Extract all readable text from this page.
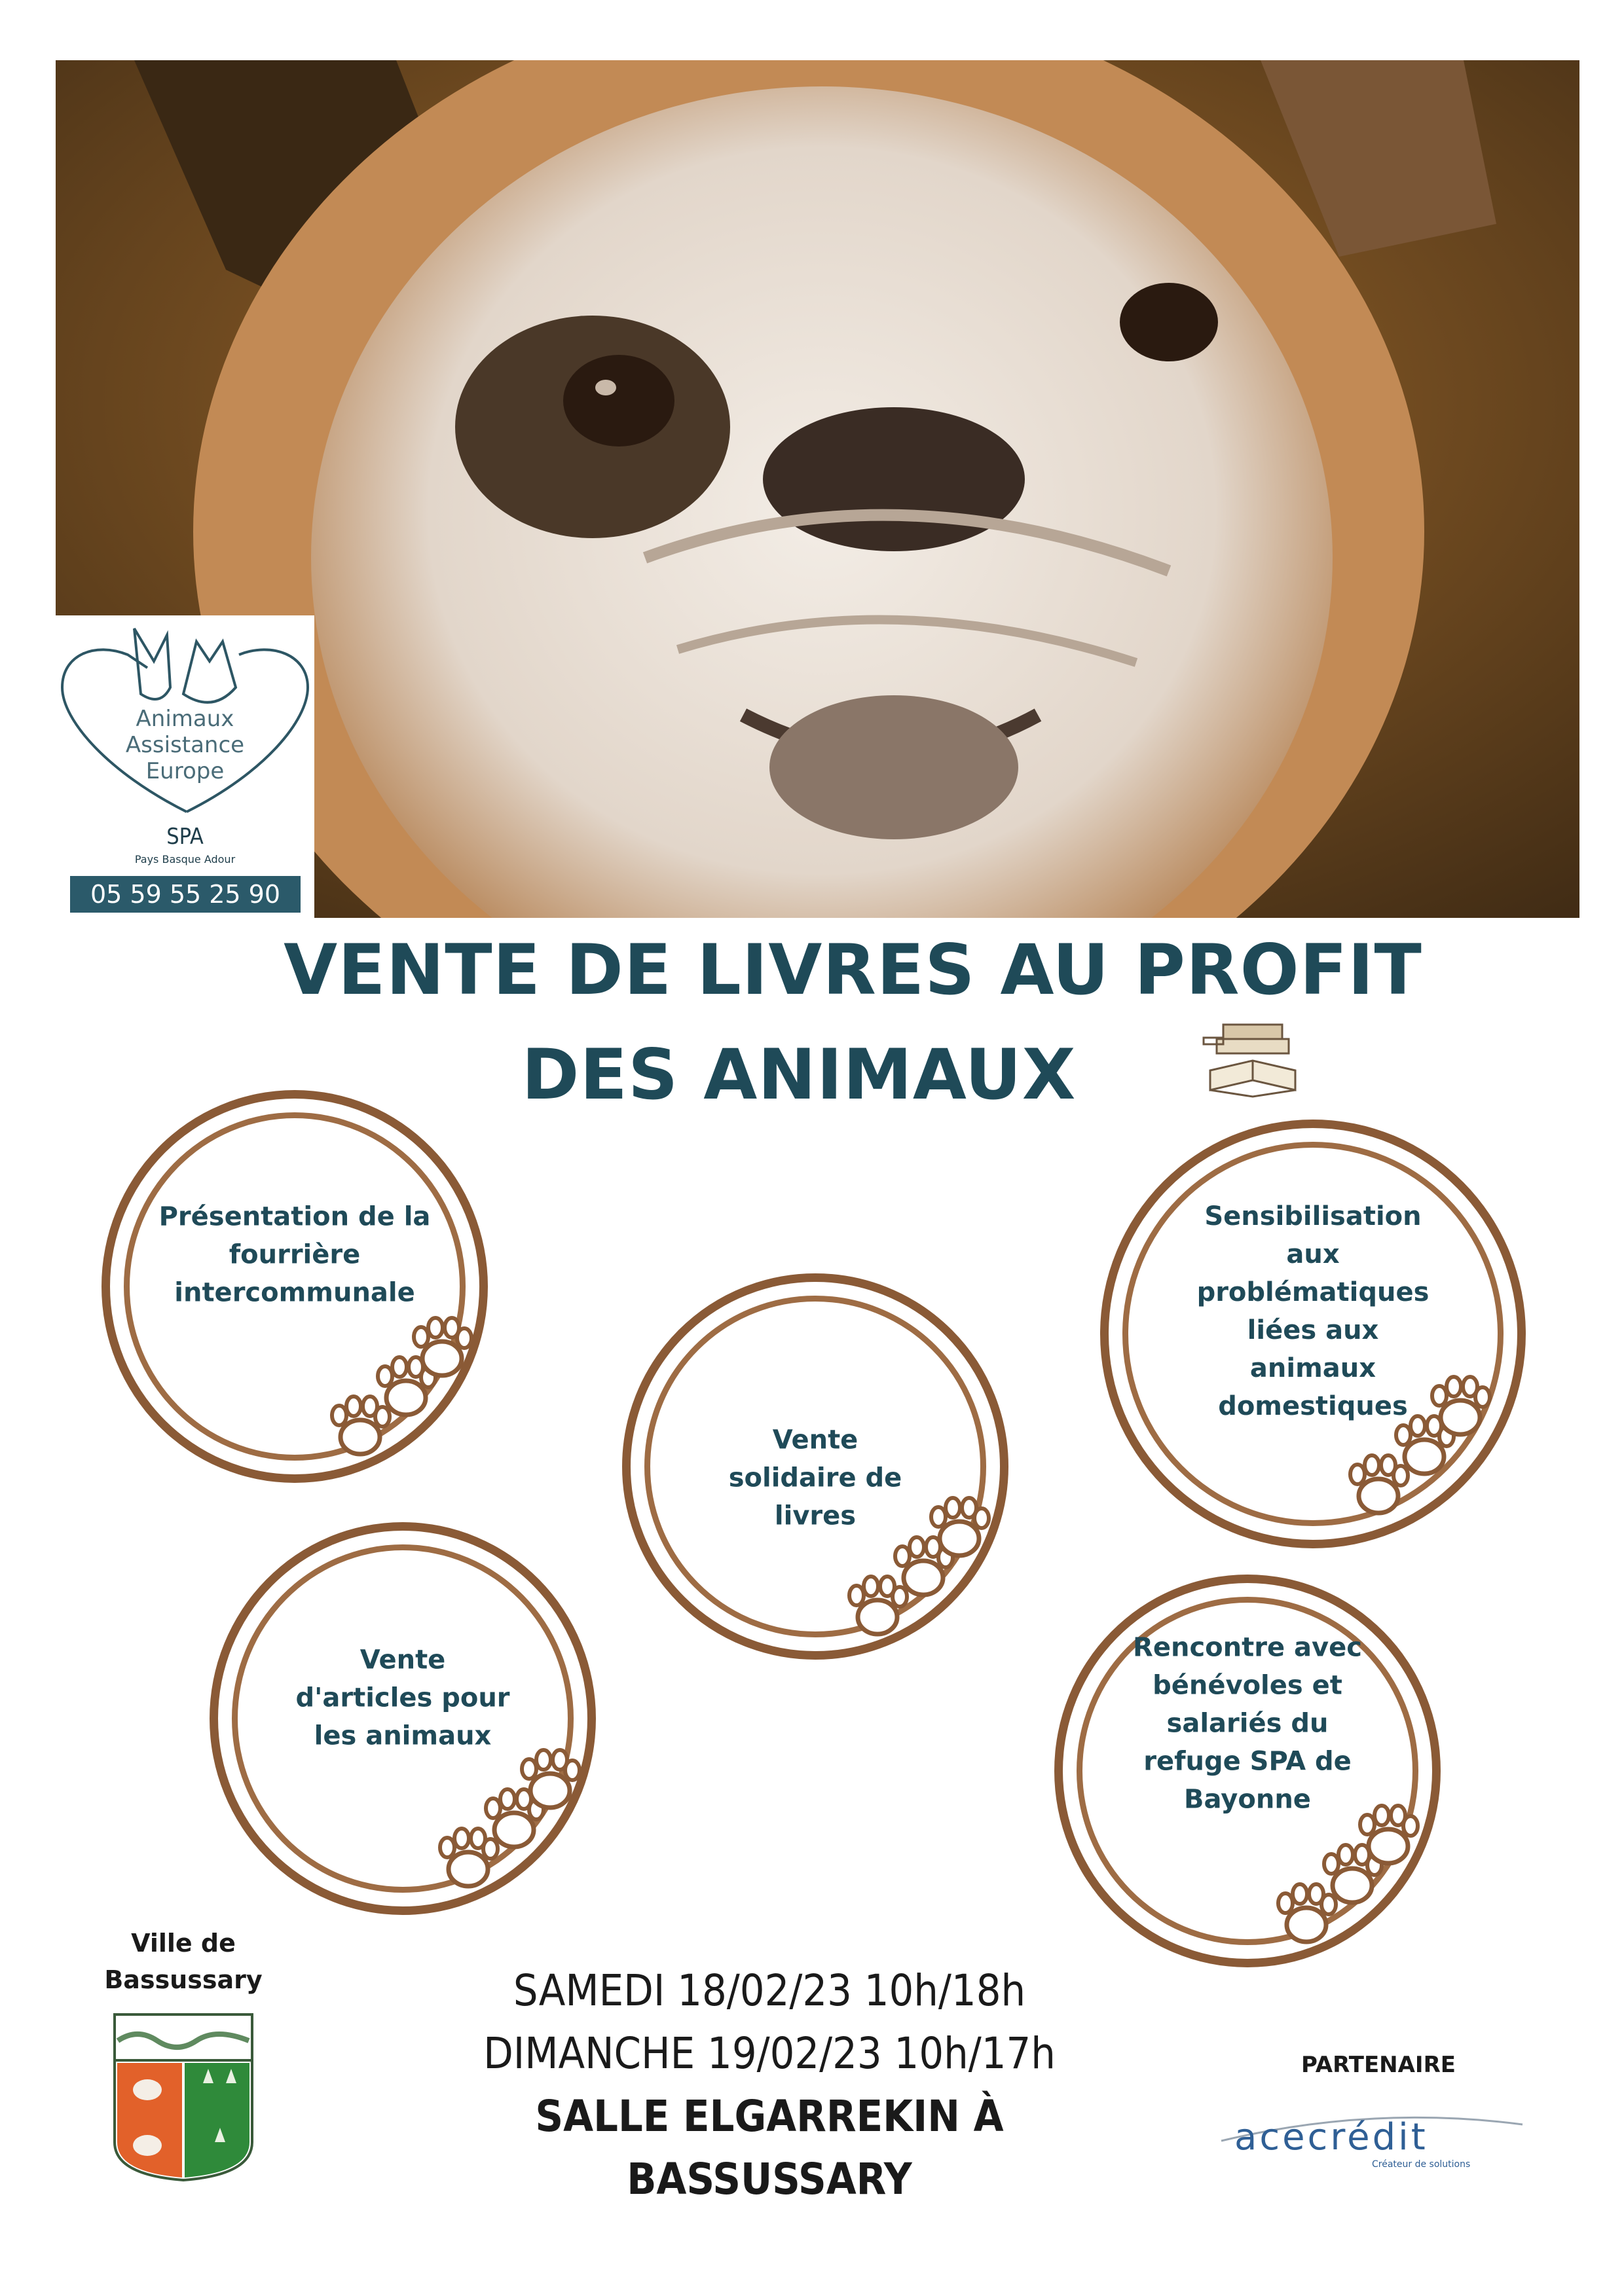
Animaux Assistance Europe
SPA
Pays Basque Adour
05 59 55 25 90
VENTE DE LIVRES AU PROFIT
DES ANIMAUX
Présentation de la fourrière intercommunale
Sensibilisation aux problématiques liées aux animaux domestiques
Vente solidaire de livres
Vente d'articles pour les animaux
Rencontre avec bénévoles et salariés du refuge SPA de Bayonne
Ville de Bassussary	SAMEDI 18/02/23 10h/18h
DIMANCHE 19/02/23 10h/17h
SALLE ELGARREKIN À
BASSUSSARY
PARTENAIRE
acecrédit
Créateur de solutions
